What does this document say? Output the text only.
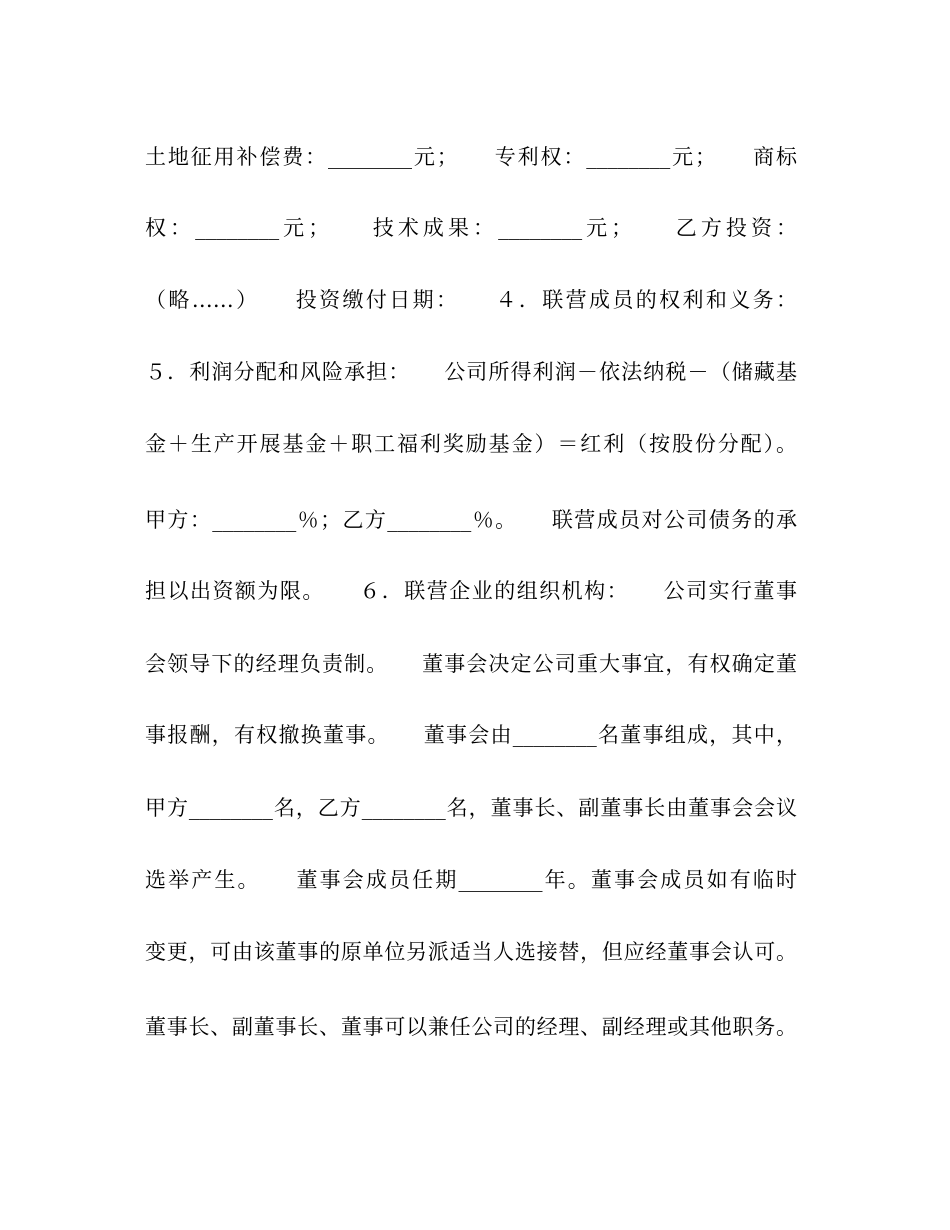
土地征用补偿费：________元；　　专利权：________元；　　商标
权：________元；　　技术成果：________元；　　乙方投资：
（略……）　　投资缴付日期：　　４．联营成员的权利和义务：
５．利润分配和风险承担：　　公司所得利润－依法纳税－（储藏基
金＋生产开展基金＋职工福利奖励基金）＝红利（按股份分配）。
甲方：________％；乙方________％。　　联营成员对公司债务的承
担以出资额为限。　　６．联营企业的组织机构：　　公司实行董事
会领导下的经理负责制。　　董事会决定公司重大事宜，有权确定董
事报酬，有权撤换董事。　　董事会由________名董事组成，其中，
甲方________名，乙方________名，董事长、副董事长由董事会会议
选举产生。　　董事会成员任期________年。董事会成员如有临时
变更，可由该董事的原单位另派适当人选接替，但应经董事会认可。
董事长、副董事长、董事可以兼任公司的经理、副经理或其他职务。
